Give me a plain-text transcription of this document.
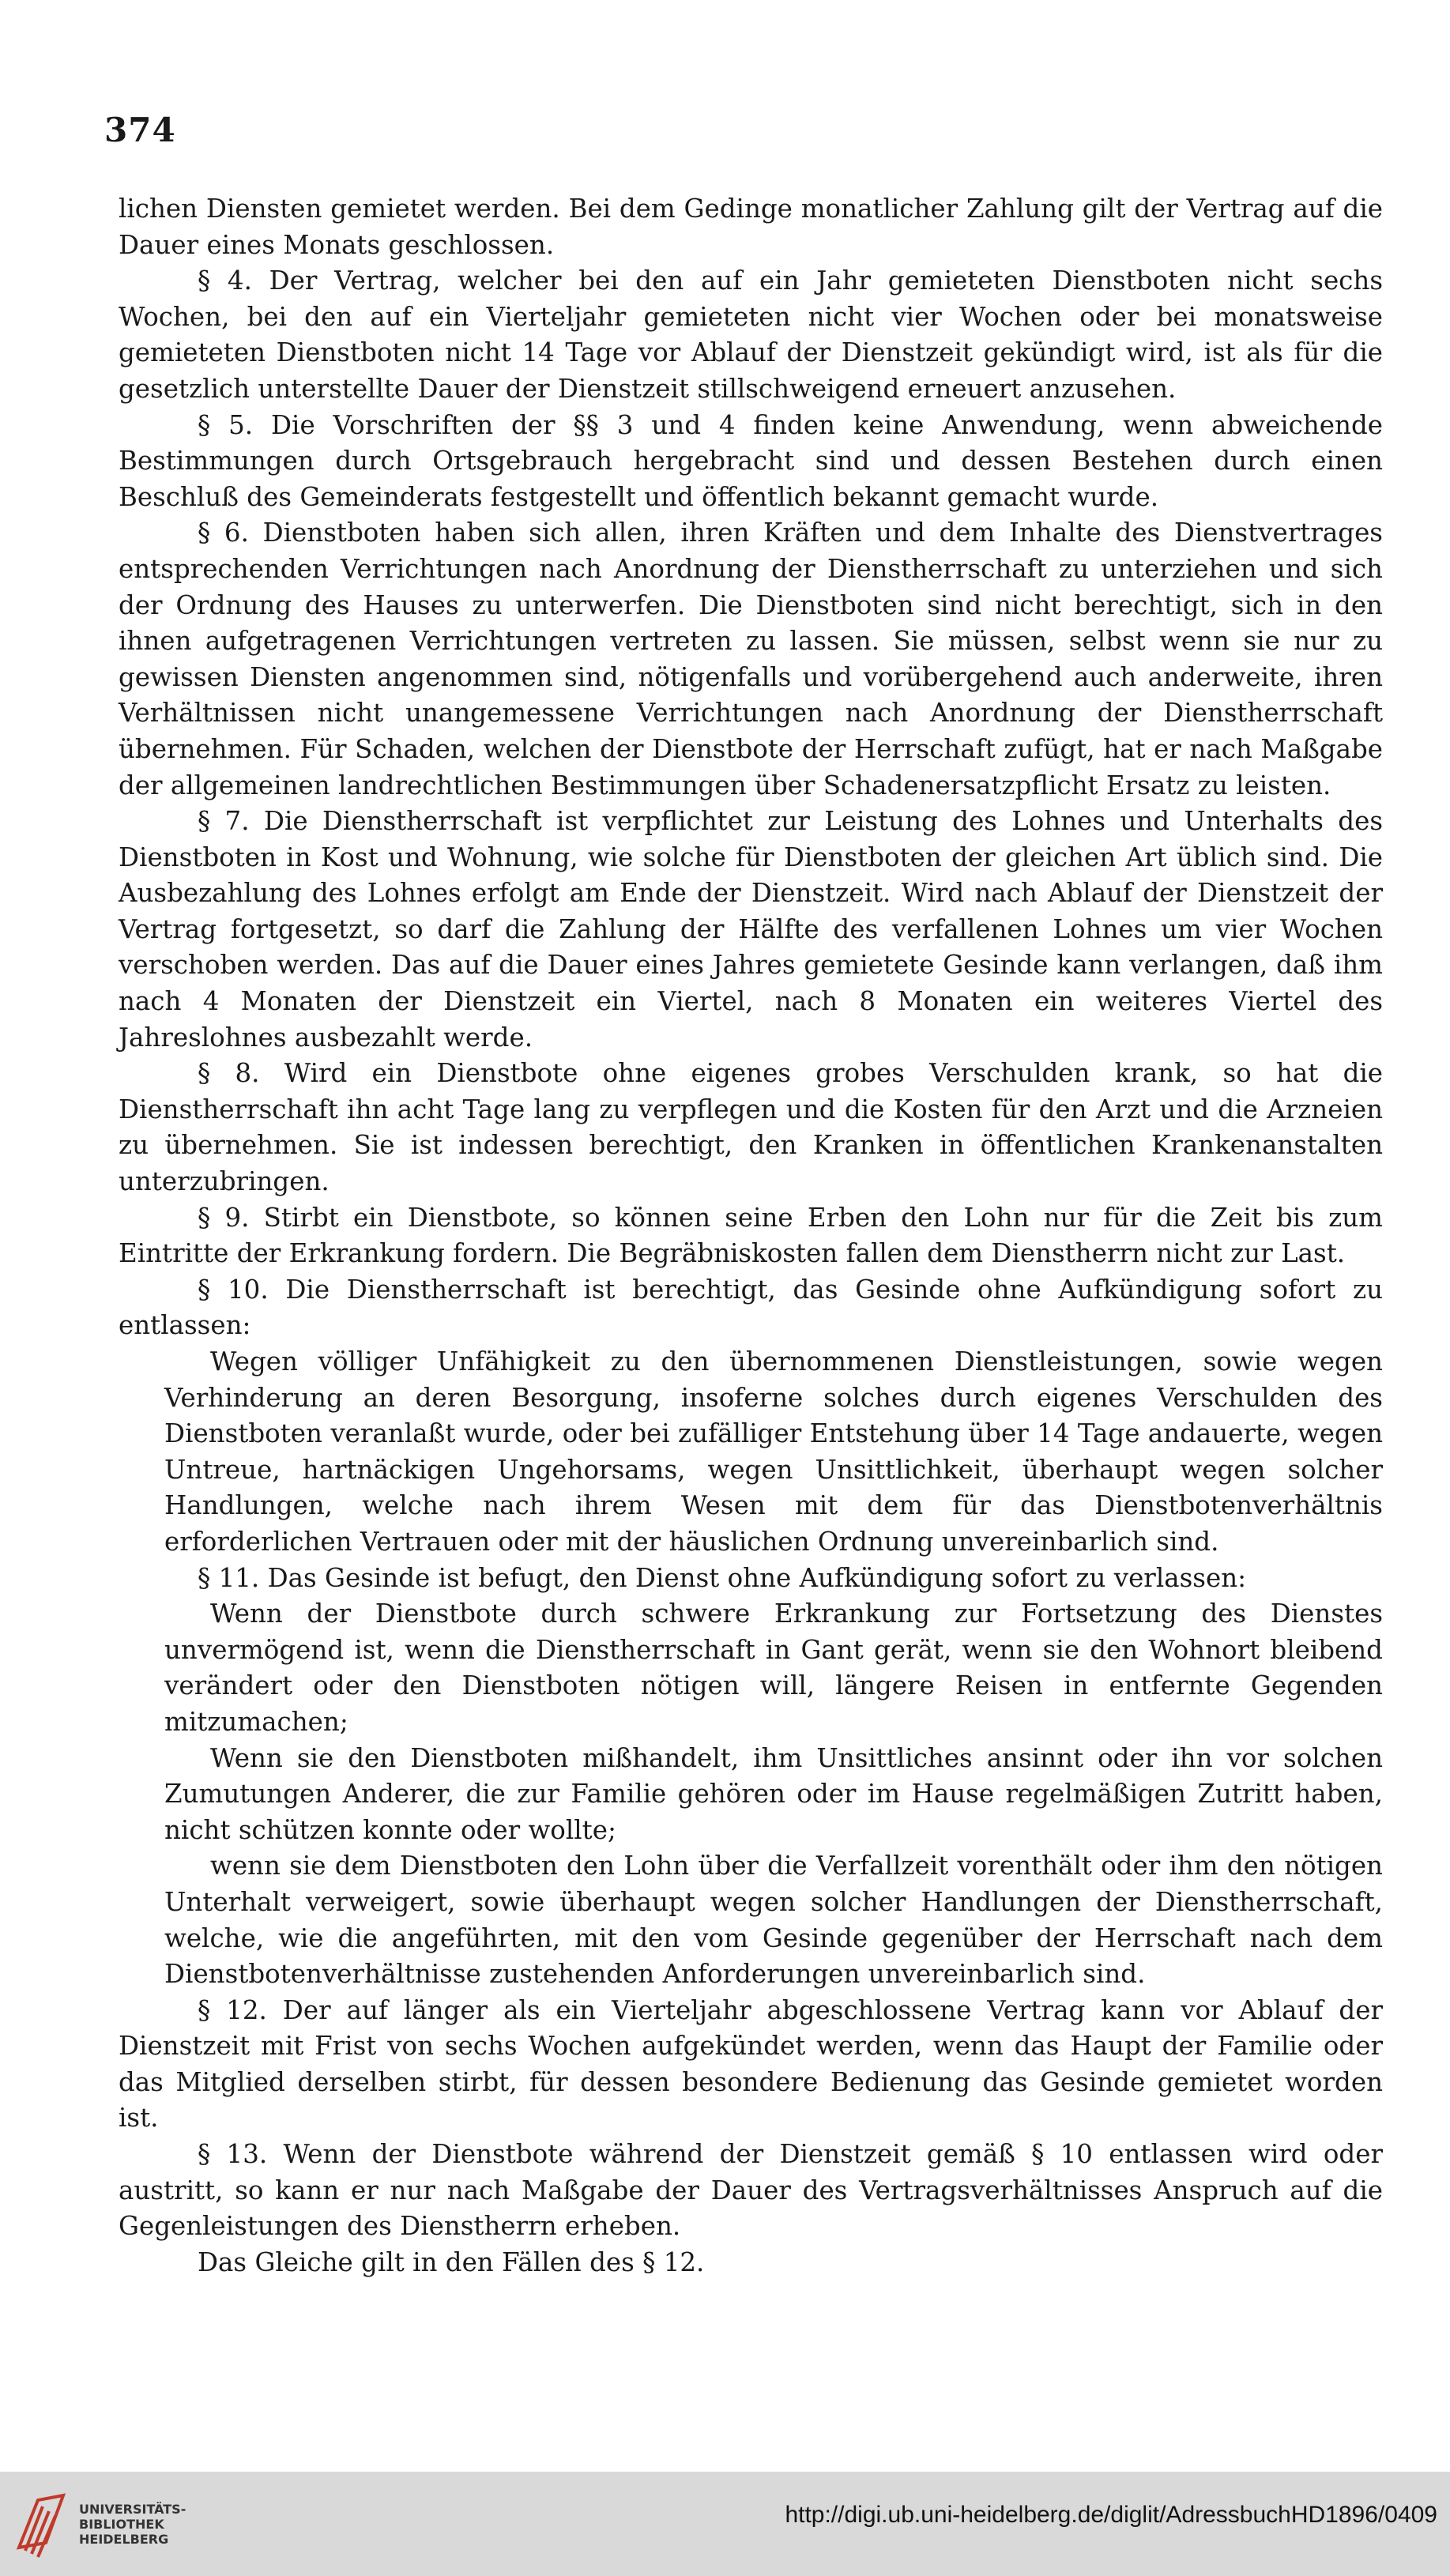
374

lichen Diensten gemietet werden. Bei dem Gedinge monatlicher Zahlung gilt der Vertrag auf die Dauer eines Monats geschlossen.

§ 4. Der Vertrag, welcher bei den auf ein Jahr gemieteten Dienstboten nicht sechs Wochen, bei den auf ein Vierteljahr gemieteten nicht vier Wochen oder bei monatsweise gemieteten Dienstboten nicht 14 Tage vor Ablauf der Dienstzeit gekündigt wird, ist als für die gesetzlich unterstellte Dauer der Dienstzeit stillschweigend erneuert anzusehen.

§ 5. Die Vorschriften der §§ 3 und 4 finden keine Anwendung, wenn abweichende Bestimmungen durch Ortsgebrauch hergebracht sind und dessen Bestehen durch einen Beschluß des Gemeinderats festgestellt und öffentlich bekannt gemacht wurde.

§ 6. Dienstboten haben sich allen, ihren Kräften und dem Inhalte des Dienstvertrages entsprechenden Verrichtungen nach Anordnung der Dienstherrschaft zu unterziehen und sich der Ordnung des Hauses zu unterwerfen. Die Dienstboten sind nicht berechtigt, sich in den ihnen aufgetragenen Verrichtungen vertreten zu lassen. Sie müssen, selbst wenn sie nur zu gewissen Diensten angenommen sind, nötigenfalls und vorübergehend auch anderweite, ihren Verhältnissen nicht unangemessene Verrichtungen nach Anordnung der Dienstherrschaft übernehmen. Für Schaden, welchen der Dienstbote der Herrschaft zufügt, hat er nach Maßgabe der allgemeinen landrechtlichen Bestimmungen über Schadenersatzpflicht Ersatz zu leisten.

§ 7. Die Dienstherrschaft ist verpflichtet zur Leistung des Lohnes und Unterhalts des Dienstboten in Kost und Wohnung, wie solche für Dienstboten der gleichen Art üblich sind. Die Ausbezahlung des Lohnes erfolgt am Ende der Dienstzeit. Wird nach Ablauf der Dienstzeit der Vertrag fortgesetzt, so darf die Zahlung der Hälfte des verfallenen Lohnes um vier Wochen verschoben werden. Das auf die Dauer eines Jahres gemietete Gesinde kann verlangen, daß ihm nach 4 Monaten der Dienstzeit ein Viertel, nach 8 Monaten ein weiteres Viertel des Jahreslohnes ausbezahlt werde.

§ 8. Wird ein Dienstbote ohne eigenes grobes Verschulden krank, so hat die Dienstherrschaft ihn acht Tage lang zu verpflegen und die Kosten für den Arzt und die Arzneien zu übernehmen. Sie ist indessen berechtigt, den Kranken in öffentlichen Krankenanstalten unterzubringen.

§ 9. Stirbt ein Dienstbote, so können seine Erben den Lohn nur für die Zeit bis zum Eintritte der Erkrankung fordern. Die Begräbniskosten fallen dem Dienstherrn nicht zur Last.

§ 10. Die Dienstherrschaft ist berechtigt, das Gesinde ohne Aufkündigung sofort zu entlassen:

Wegen völliger Unfähigkeit zu den übernommenen Dienstleistungen, sowie wegen Verhinderung an deren Besorgung, insoferne solches durch eigenes Verschulden des Dienstboten veranlaßt wurde, oder bei zufälliger Entstehung über 14 Tage andauerte, wegen Untreue, hartnäckigen Ungehorsams, wegen Unsittlichkeit, überhaupt wegen solcher Handlungen, welche nach ihrem Wesen mit dem für das Dienstbotenverhältnis erforderlichen Vertrauen oder mit der häuslichen Ordnung unvereinbarlich sind.

§ 11. Das Gesinde ist befugt, den Dienst ohne Aufkündigung sofort zu verlassen:

Wenn der Dienstbote durch schwere Erkrankung zur Fortsetzung des Dienstes unvermögend ist, wenn die Dienstherrschaft in Gant gerät, wenn sie den Wohnort bleibend verändert oder den Dienstboten nötigen will, längere Reisen in entfernte Gegenden mitzumachen;

Wenn sie den Dienstboten mißhandelt, ihm Unsittliches ansinnt oder ihn vor solchen Zumutungen Anderer, die zur Familie gehören oder im Hause regelmäßigen Zutritt haben, nicht schützen konnte oder wollte;

wenn sie dem Dienstboten den Lohn über die Verfallzeit vorenthält oder ihm den nötigen Unterhalt verweigert, sowie überhaupt wegen solcher Handlungen der Dienstherrschaft, welche, wie die angeführten, mit den vom Gesinde gegenüber der Herrschaft nach dem Dienstbotenverhältnisse zustehenden Anforderungen unvereinbarlich sind.

§ 12. Der auf länger als ein Vierteljahr abgeschlossene Vertrag kann vor Ablauf der Dienstzeit mit Frist von sechs Wochen aufgekündet werden, wenn das Haupt der Familie oder das Mitglied derselben stirbt, für dessen besondere Bedienung das Gesinde gemietet worden ist.

§ 13. Wenn der Dienstbote während der Dienstzeit gemäß § 10 entlassen wird oder austritt, so kann er nur nach Maßgabe der Dauer des Vertragsverhältnisses Anspruch auf die Gegenleistungen des Dienstherrn erheben.

Das Gleiche gilt in den Fällen des § 12.

UNIVERSITÄTS-
BIBLIOTHEK
HEIDELBERG
http://digi.ub.uni-heidelberg.de/diglit/AdressbuchHD1896/0409
